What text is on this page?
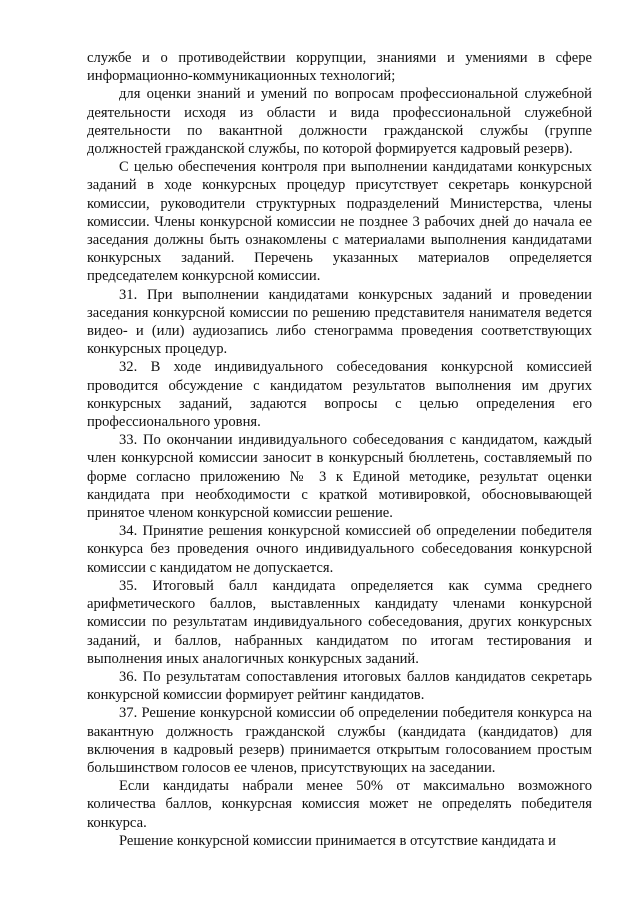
службе и о противодействии коррупции, знаниями и умениями в сфере информационно-коммуникационных технологий;

для оценки знаний и умений по вопросам профессиональной служебной деятельности исходя из области и вида профессиональной служебной деятельности по вакантной должности гражданской службы (группе должностей гражданской службы, по которой формируется кадровый резерв).

С целью обеспечения контроля при выполнении кандидатами конкурсных заданий в ходе конкурсных процедур присутствует секретарь конкурсной комиссии, руководители структурных подразделений Министерства, члены комиссии. Члены конкурсной комиссии не позднее 3 рабочих дней до начала ее заседания должны быть ознакомлены с материалами выполнения кандидатами конкурсных заданий. Перечень указанных материалов определяется председателем конкурсной комиссии.

31. При выполнении кандидатами конкурсных заданий и проведении заседания конкурсной комиссии по решению представителя нанимателя ведется видео- и (или) аудиозапись либо стенограмма проведения соответствующих конкурсных процедур.

32. В ходе индивидуального собеседования конкурсной комиссией проводится обсуждение с кандидатом результатов выполнения им других конкурсных заданий, задаются вопросы с целью определения его профессионального уровня.

33. По окончании индивидуального собеседования с кандидатом, каждый член конкурсной комиссии заносит в конкурсный бюллетень, составляемый по форме согласно приложению № 3 к Единой методике, результат оценки кандидата при необходимости с краткой мотивировкой, обосновывающей принятое членом конкурсной комиссии решение.

34. Принятие решения конкурсной комиссией об определении победителя конкурса без проведения очного индивидуального собеседования конкурсной комиссии с кандидатом не допускается.

35. Итоговый балл кандидата определяется как сумма среднего арифметического баллов, выставленных кандидату членами конкурсной комиссии по результатам индивидуального собеседования, других конкурсных заданий, и баллов, набранных кандидатом по итогам тестирования и выполнения иных аналогичных конкурсных заданий.

36. По результатам сопоставления итоговых баллов кандидатов секретарь конкурсной комиссии формирует рейтинг кандидатов.

37. Решение конкурсной комиссии об определении победителя конкурса на вакантную должность гражданской службы (кандидата (кандидатов) для включения в кадровый резерв) принимается открытым голосованием простым большинством голосов ее членов, присутствующих на заседании.

Если кандидаты набрали менее 50% от максимально возможного количества баллов, конкурсная комиссия может не определять победителя конкурса.

Решение конкурсной комиссии принимается в отсутствие кандидата и
